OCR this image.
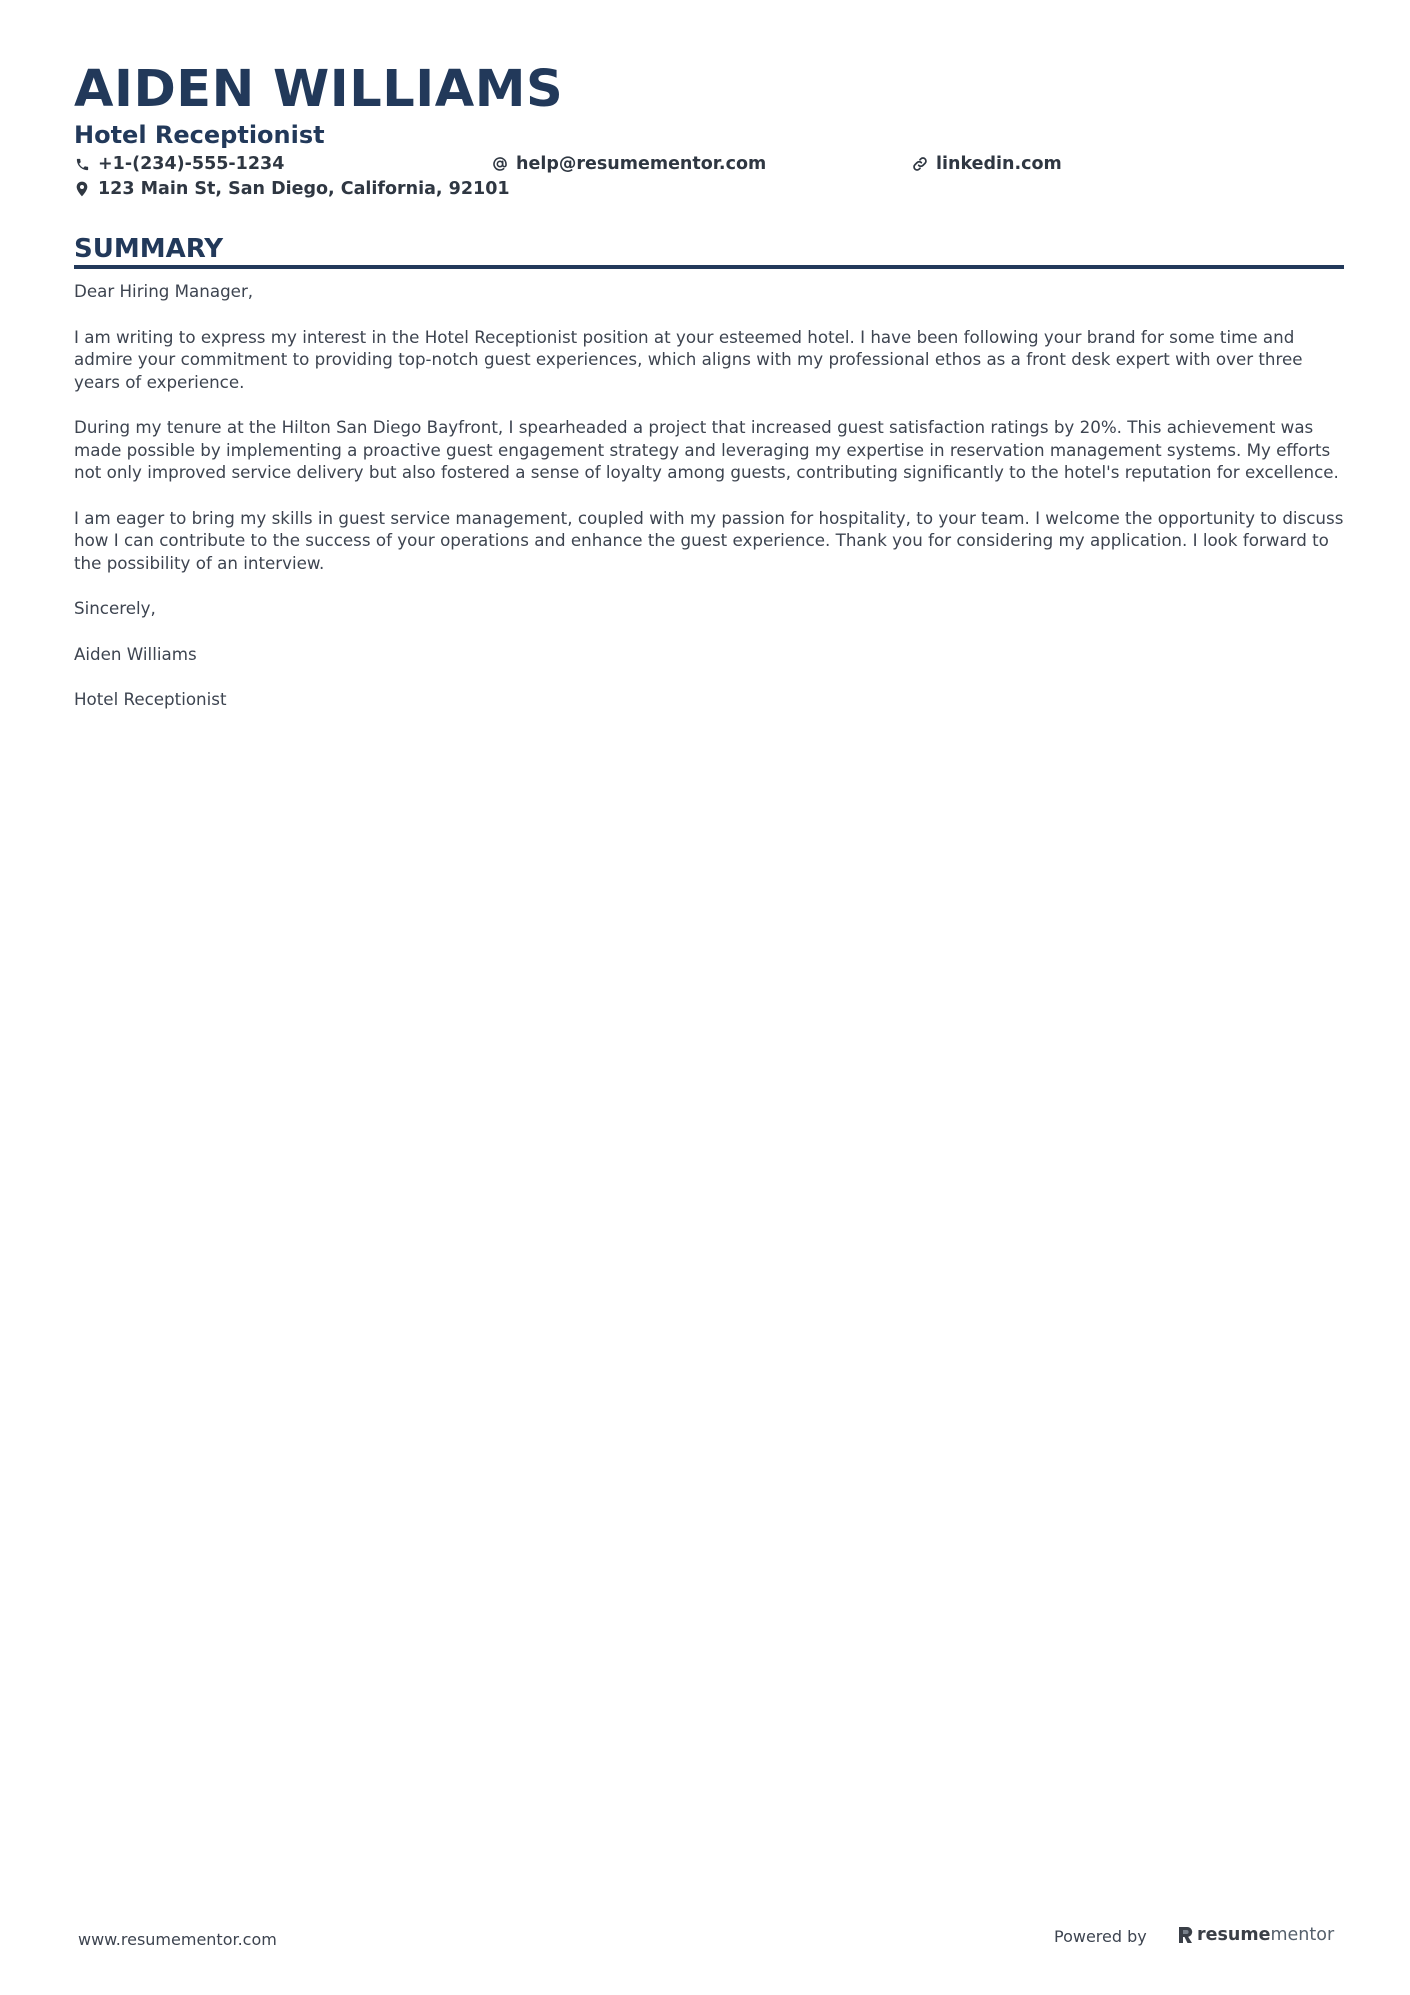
AIDEN WILLIAMS
Hotel Receptionist
+1-(234)-555-1234	help@resumementor.com	linkedin.com
123 Main St, San Diego, California, 92101
SUMMARY

Dear Hiring Manager,

I am writing to express my interest in the Hotel Receptionist position at your esteemed hotel. I have been following your brand for some time and admire your commitment to providing top-notch guest experiences, which aligns with my professional ethos as a front desk expert with over three years of experience.

During my tenure at the Hilton San Diego Bayfront, I spearheaded a project that increased guest satisfaction ratings by 20%. This achievement was made possible by implementing a proactive guest engagement strategy and leveraging my expertise in reservation management systems. My efforts not only improved service delivery but also fostered a sense of loyalty among guests, contributing significantly to the hotel's reputation for excellence.

I am eager to bring my skills in guest service management, coupled with my passion for hospitality, to your team. I welcome the opportunity to discuss how I can contribute to the success of your operations and enhance the guest experience. Thank you for considering my application. I look forward to the possibility of an interview.

Sincerely,

Aiden Williams

Hotel Receptionist

www.resumementor.com	Powered by	resume mentor
